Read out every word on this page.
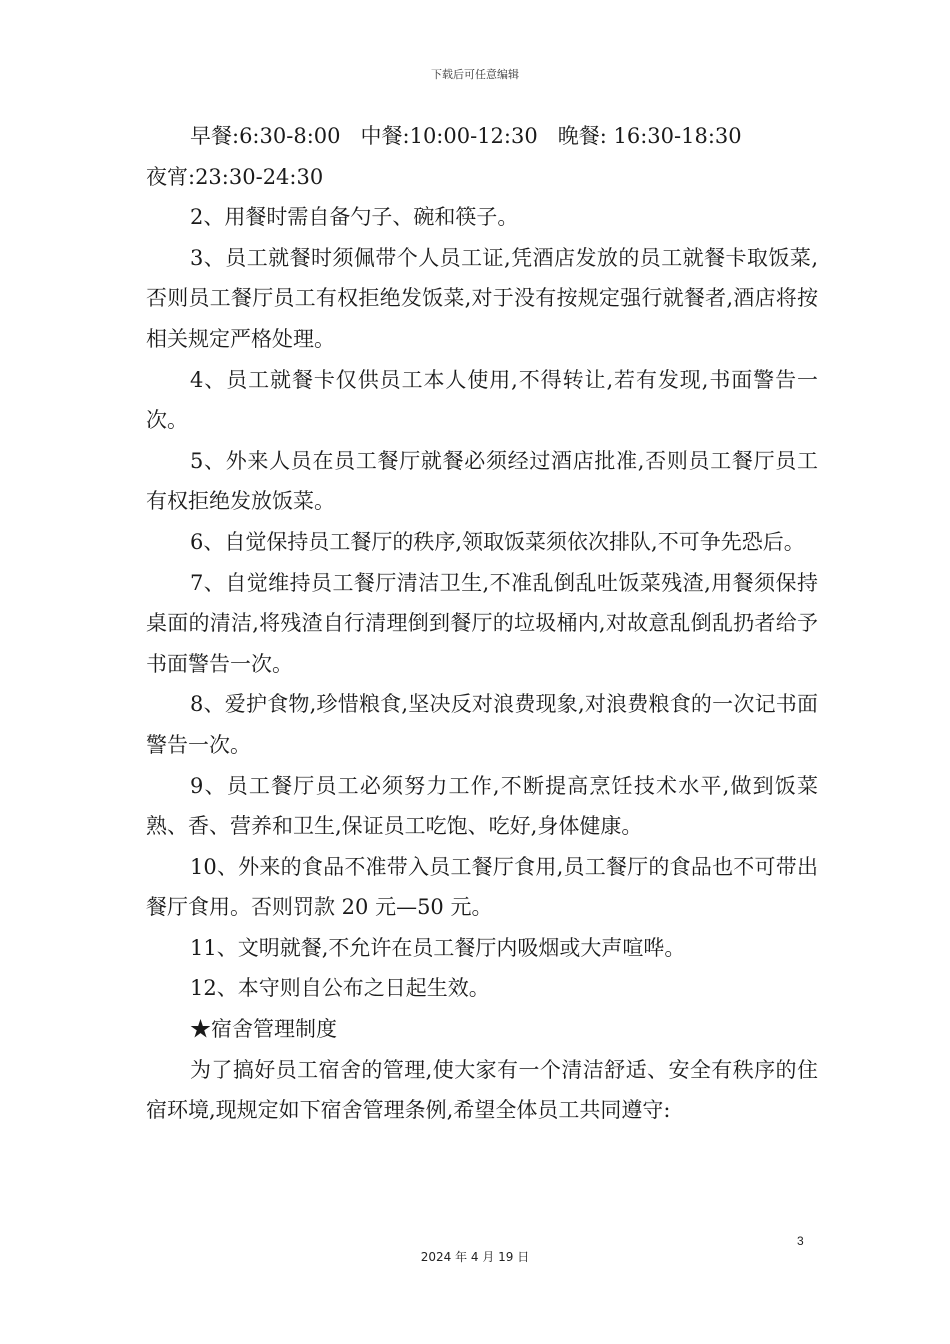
下载后可任意编辑

早餐:6:30-8:00   中餐:10:00-12:30   晚餐: 16:30-18:30

夜宵:23:30-24:30

2、用餐时需自备勺子、碗和筷子。

3、员工就餐时须佩带个人员工证,凭酒店发放的员工就餐卡取饭菜,否则员工餐厅员工有权拒绝发饭菜,对于没有按规定强行就餐者,酒店将按相关规定严格处理。

4、员工就餐卡仅供员工本人使用,不得转让,若有发现,书面警告一次。

5、外来人员在员工餐厅就餐必须经过酒店批准,否则员工餐厅员工有权拒绝发放饭菜。

6、自觉保持员工餐厅的秩序,领取饭菜须依次排队,不可争先恐后。

7、自觉维持员工餐厅清洁卫生,不准乱倒乱吐饭菜残渣,用餐须保持桌面的清洁,将残渣自行清理倒到餐厅的垃圾桶内,对故意乱倒乱扔者给予书面警告一次。

8、爱护食物,珍惜粮食,坚决反对浪费现象,对浪费粮食的一次记书面警告一次。

9、员工餐厅员工必须努力工作,不断提高烹饪技术水平,做到饭菜熟、香、营养和卫生,保证员工吃饱、吃好,身体健康。

10、外来的食品不准带入员工餐厅食用,员工餐厅的食品也不可带出餐厅食用。否则罚款 20 元—50 元。

11、文明就餐,不允许在员工餐厅内吸烟或大声喧哗。

12、本守则自公布之日起生效。

★宿舍管理制度

为了搞好员工宿舍的管理,使大家有一个清洁舒适、安全有秩序的住宿环境,现规定如下宿舍管理条例,希望全体员工共同遵守:

3
2024 年 4 月 19 日
